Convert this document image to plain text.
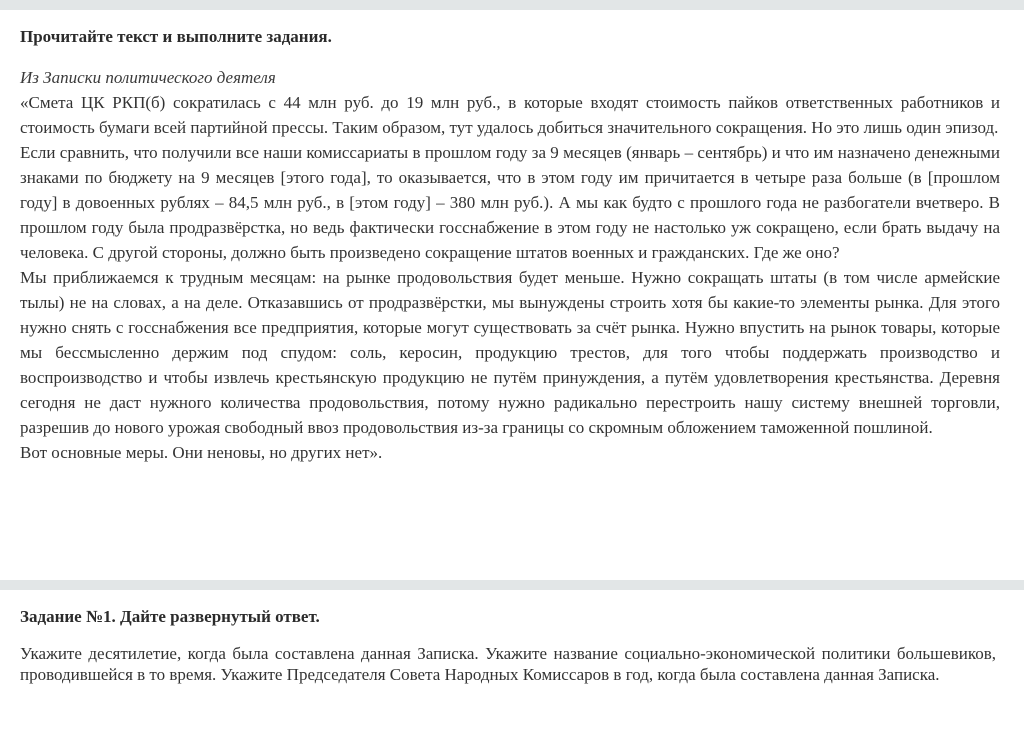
Прочитайте текст и выполните задания.

Из Записки политического деятеля

«Смета ЦК РКП(б) сократилась с 44 млн руб. до 19 млн руб., в которые входят стоимость пайков ответственных работников и стоимость бумаги всей партийной прессы. Таким образом, тут удалось добиться значительного сокращения. Но это лишь один эпизод.

Если сравнить, что получили все наши комиссариаты в прошлом году за 9 месяцев (январь – сентябрь) и что им назначено денежными знаками по бюджету на 9 месяцев [этого года], то оказывается, что в этом году им причитается в четыре раза больше (в [прошлом году] в довоенных рублях – 84,5 млн руб., в [этом году] – 380 млн руб.). А мы как будто с прошлого года не разбогатели вчетверо. В прошлом году была продразвёрстка, но ведь фактически госснабжение в этом году не настолько уж сокращено, если брать выдачу на человека. С другой стороны, должно быть произведено сокращение штатов военных и гражданских. Где же оно?

Мы приближаемся к трудным месяцам: на рынке продовольствия будет меньше. Нужно сокращать штаты (в том числе армейские тылы) не на словах, а на деле. Отказавшись от продразвёрстки, мы вынуждены строить хотя бы какие-то элементы рынка. Для этого нужно снять с госснабжения все предприятия, которые могут существовать за счёт рынка. Нужно впустить на рынок товары, которые мы бессмысленно держим под спудом: соль, керосин, продукцию трестов, для того чтобы поддержать производство и воспроизводство и чтобы извлечь крестьянскую продукцию не путём принуждения, а путём удовлетворения крестьянства. Деревня сегодня не даст нужного количества продовольствия, потому нужно радикально перестроить нашу систему внешней торговли, разрешив до нового урожая свободный ввоз продовольствия из-за границы со скромным обложением таможенной пошлиной.

Вот основные меры. Они неновы, но других нет».

Задание №1. Дайте развернутый ответ.

Укажите десятилетие, когда была составлена данная Записка. Укажите название социально-экономической политики большевиков, проводившейся в то время. Укажите Председателя Совета Народных Комиссаров в год, когда была составлена данная Записка.
